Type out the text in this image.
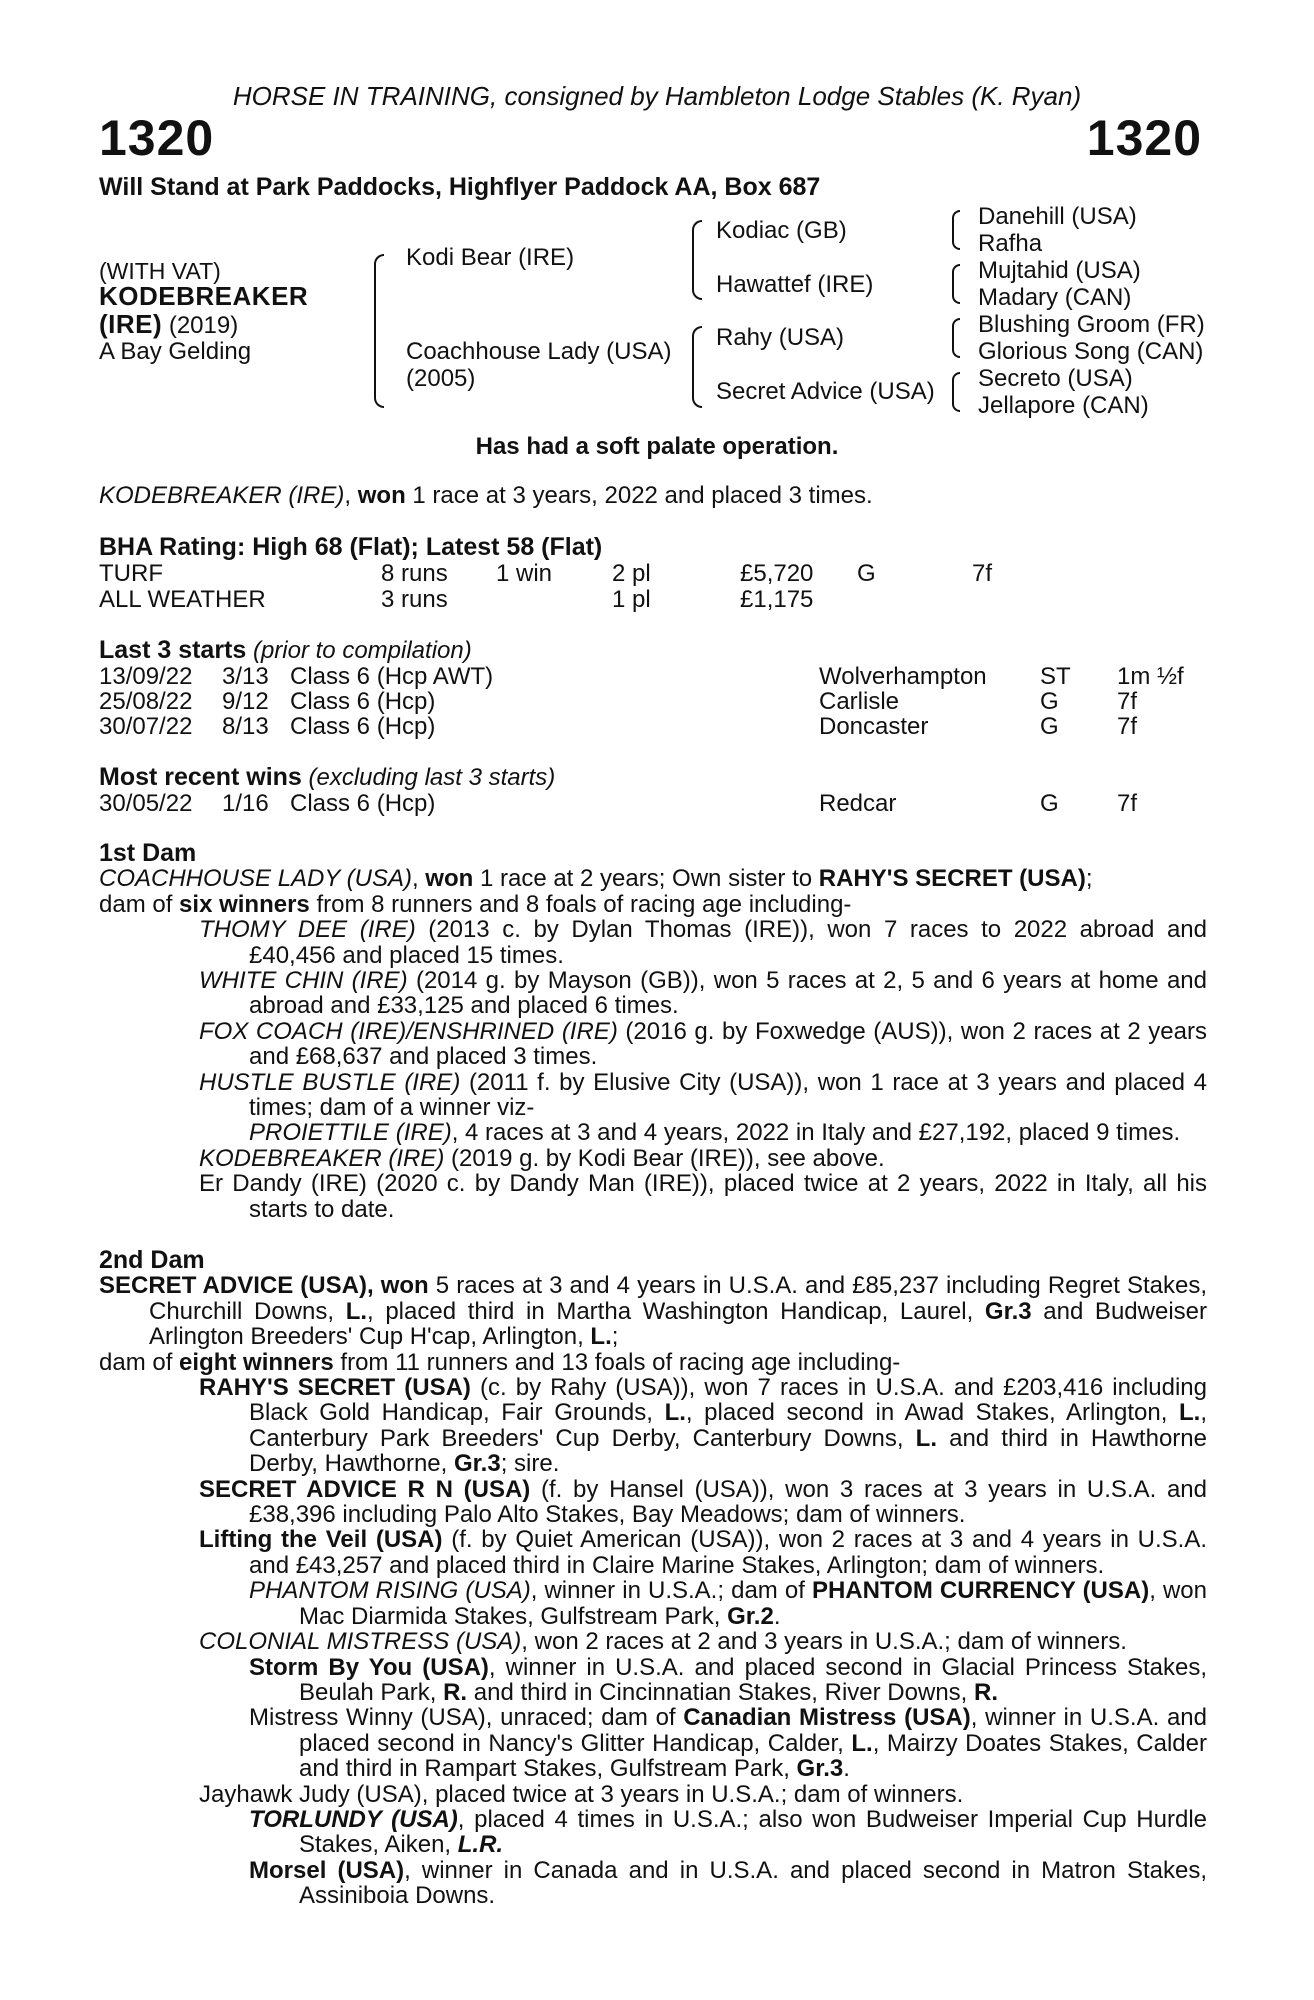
HORSE IN TRAINING, consigned by Hambleton Lodge Stables (K. Ryan)
1320	1320
Will Stand at Park Paddocks, Highflyer Paddock AA, Box 687
(WITH VAT)
KODEBREAKER
(IRE) (2019)
A Bay Gelding
Kodi Bear (IRE)
Coachhouse Lady (USA)
(2005)
Kodiac (GB)
Hawattef (IRE)
Rahy (USA)
Secret Advice (USA)
Danehill (USA)
Rafha
Mujtahid (USA)
Madary (CAN)
Blushing Groom (FR)
Glorious Song (CAN)
Secreto (USA)
Jellapore (CAN)
Has had a soft palate operation.
KODEBREAKER (IRE), won 1 race at 3 years, 2022 and placed 3 times.
BHA Rating: High 68 (Flat); Latest 58 (Flat)
TURF	8 runs 1 win 2 pl	£5,720 G	7f
ALL WEATHER	3 runs	1 pl	£1,175
Last 3 starts (prior to compilation)
13/09/22 3/13 Class 6 (Hcp AWT)	Wolverhampton ST 1m ½f
25/08/22 9/12 Class 6 (Hcp)	Carlisle	G 7f
30/07/22 8/13 Class 6 (Hcp)	Doncaster	G 7f
Most recent wins (excluding last 3 starts)
30/05/22 1/16 Class 6 (Hcp)	Redcar	G 7f

1st Dam

COACHHOUSE LADY (USA), won 1 race at 2 years; Own sister to RAHY'S SECRET (USA);

dam of six winners from 8 runners and 8 foals of racing age including-

THOMY DEE (IRE) (2013 c. by Dylan Thomas (IRE)), won 7 races to 2022 abroad and £40,456 and placed 15 times.

WHITE CHIN (IRE) (2014 g. by Mayson (GB)), won 5 races at 2, 5 and 6 years at home and abroad and £33,125 and placed 6 times.

FOX COACH (IRE)/ENSHRINED (IRE) (2016 g. by Foxwedge (AUS)), won 2 races at 2 years and £68,637 and placed 3 times.

HUSTLE BUSTLE (IRE) (2011 f. by Elusive City (USA)), won 1 race at 3 years and placed 4 times; dam of a winner viz-

PROIETTILE (IRE), 4 races at 3 and 4 years, 2022 in Italy and £27,192, placed 9 times.

KODEBREAKER (IRE) (2019 g. by Kodi Bear (IRE)), see above.

Er Dandy (IRE) (2020 c. by Dandy Man (IRE)), placed twice at 2 years, 2022 in Italy, all his starts to date.

2nd Dam

SECRET ADVICE (USA), won 5 races at 3 and 4 years in U.S.A. and £85,237 including Regret Stakes, Churchill Downs, L., placed third in Martha Washington Handicap, Laurel, Gr.3 and Budweiser Arlington Breeders' Cup H'cap, Arlington, L.;

dam of eight winners from 11 runners and 13 foals of racing age including-

RAHY'S SECRET (USA) (c. by Rahy (USA)), won 7 races in U.S.A. and £203,416 including Black Gold Handicap, Fair Grounds, L., placed second in Awad Stakes, Arlington, L., Canterbury Park Breeders' Cup Derby, Canterbury Downs, L. and third in Hawthorne Derby, Hawthorne, Gr.3; sire.

SECRET ADVICE R N (USA) (f. by Hansel (USA)), won 3 races at 3 years in U.S.A. and £38,396 including Palo Alto Stakes, Bay Meadows; dam of winners.

Lifting the Veil (USA) (f. by Quiet American (USA)), won 2 races at 3 and 4 years in U.S.A. and £43,257 and placed third in Claire Marine Stakes, Arlington; dam of winners.

PHANTOM RISING (USA), winner in U.S.A.; dam of PHANTOM CURRENCY (USA), won Mac Diarmida Stakes, Gulfstream Park, Gr.2.

COLONIAL MISTRESS (USA), won 2 races at 2 and 3 years in U.S.A.; dam of winners.

Storm By You (USA), winner in U.S.A. and placed second in Glacial Princess Stakes, Beulah Park, R. and third in Cincinnatian Stakes, River Downs, R.

Mistress Winny (USA), unraced; dam of Canadian Mistress (USA), winner in U.S.A. and placed second in Nancy's Glitter Handicap, Calder, L., Mairzy Doates Stakes, Calder and third in Rampart Stakes, Gulfstream Park, Gr.3.

Jayhawk Judy (USA), placed twice at 3 years in U.S.A.; dam of winners.

TORLUNDY (USA), placed 4 times in U.S.A.; also won Budweiser Imperial Cup Hurdle Stakes, Aiken, L.R.

Morsel (USA), winner in Canada and in U.S.A. and placed second in Matron Stakes, Assiniboia Downs.
